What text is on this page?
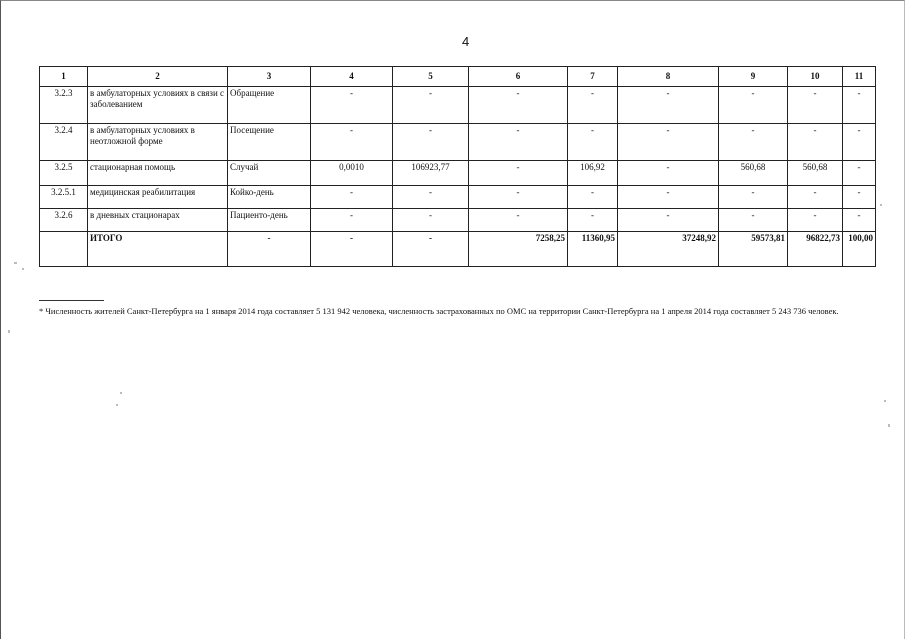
4
1	2	3	4	5	6	7	8	9	10	11
3.2.3	в амбулаторных условиях в связи с заболеванием	Обращение	-	-	-	-	-	-	-	-
3.2.4	в амбулаторных условиях в неотложной форме	Посещение	-	-	-	-	-	-	-	-
3.2.5	стационарная помощь	Случай	0,0010	106923,77	-	106,92	-	560,68	560,68	-
3.2.5.1	медицинская реабилитация	Койко-день	-	-	-	-	-	-	-	-
3.2.6	в дневных стационарах	Пациенто-день	-	-	-	-	-	-	-	-
	ИТОГО	-	-	-	7258,25	11360,95	37248,92	59573,81	96822,73	100,00
* Численность жителей Санкт-Петербурга на 1 января 2014 года составляет 5 131 942 человека, численность застрахованных по ОМС на территории Санкт-Петербурга на 1 апреля 2014 года составляет 5 243 736 человек.
